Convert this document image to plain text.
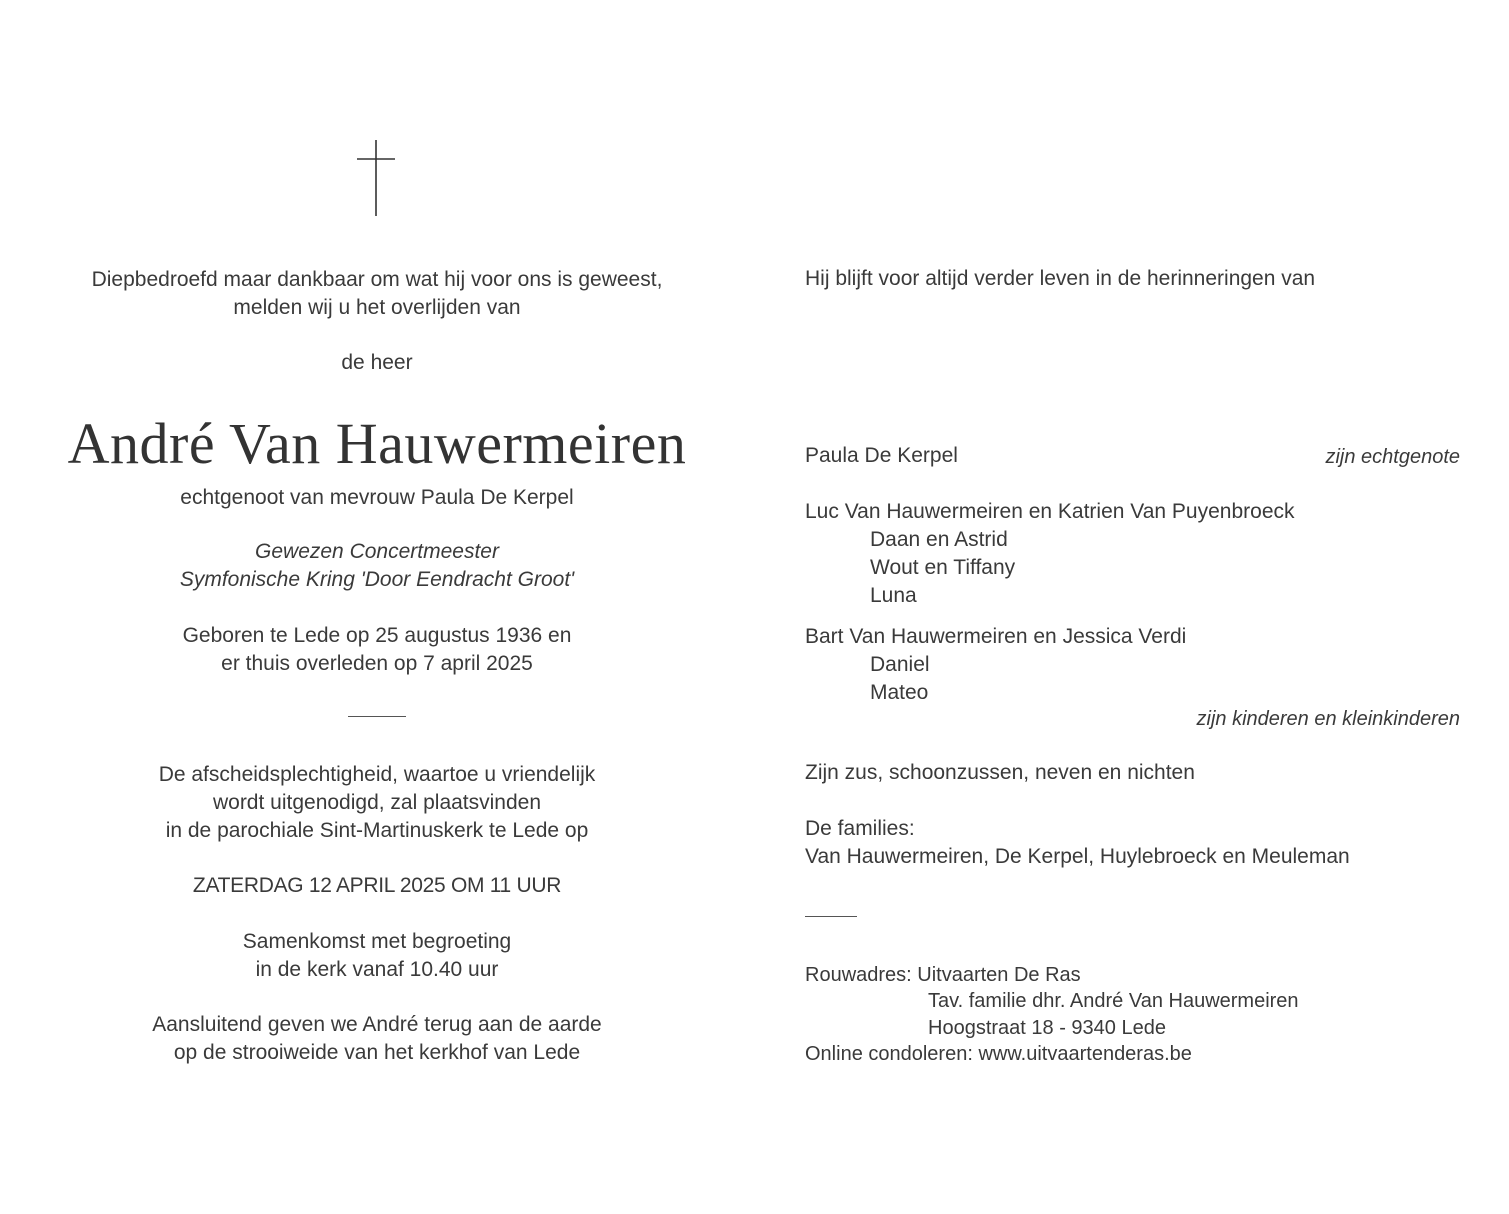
Diepbedroefd maar dankbaar om wat hij voor ons is geweest,
melden wij u het overlijden van
de heer
André Van Hauwermeiren
echtgenoot van mevrouw Paula De Kerpel
Gewezen Concertmeester
Symfonische Kring 'Door Eendracht Groot'
Geboren te Lede op 25 augustus 1936 en
er thuis overleden op 7 april 2025
De afscheidsplechtigheid, waartoe u vriendelijk
wordt uitgenodigd, zal plaatsvinden
in de parochiale Sint-Martinuskerk te Lede op
ZATERDAG 12 APRIL 2025 OM 11 UUR
Samenkomst met begroeting
in de kerk vanaf 10.40 uur
Aansluitend geven we André terug aan de aarde
op de strooiweide van het kerkhof van Lede
Hij blijft voor altijd verder leven in de herinneringen van
Paula De Kerpel	zijn echtgenote
Luc Van Hauwermeiren en Katrien Van Puyenbroeck
Daan en Astrid
Wout en Tiffany
Luna
Bart Van Hauwermeiren en Jessica Verdi
Daniel
Mateo
zijn kinderen en kleinkinderen
Zijn zus, schoonzussen, neven en nichten
De families:
Van Hauwermeiren, De Kerpel, Huylebroeck en Meuleman
Rouwadres: Uitvaarten De Ras
Tav. familie dhr. André Van Hauwermeiren
Hoogstraat 18 - 9340 Lede
Online condoleren: www.uitvaartenderas.be
